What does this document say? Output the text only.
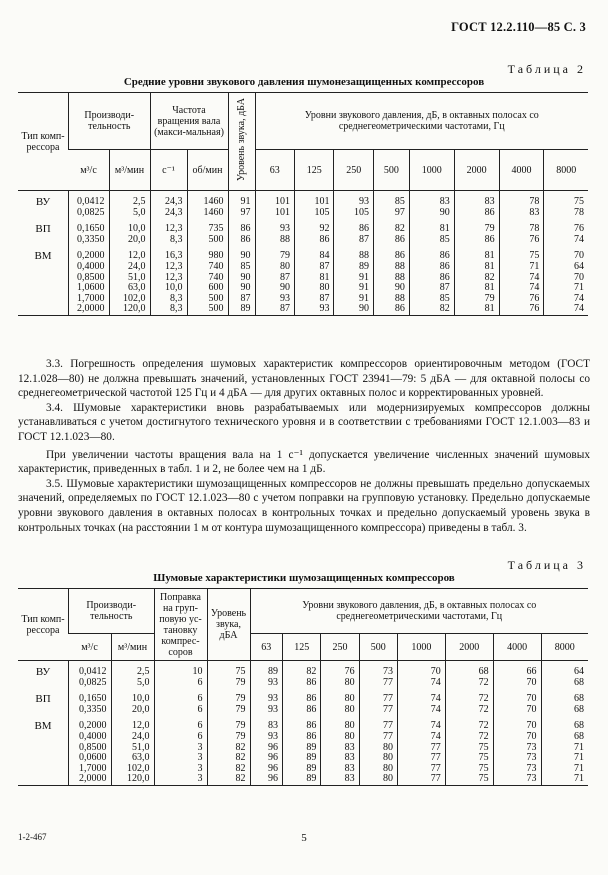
ГОСТ 12.2.110—85 С. 3
Таблица 2
Средние уровни звукового давления шумонезащищенных компрессоров
Тип комп-рессора	Производи-тельность		Частота вращения вала (макси-мальная)		Уровень звука, дБА	Уровни звукового давления, дБ, в октавных полосах со среднегеометрическими частотами, Гц							
	м³/с	м³/мин	с⁻¹	об/мин		63	125	250	500	1000	2000	4000	8000

ВУ	0,0412	2,5	24,3	1460	91	101	101	93	85	83	83	78	75
	0,0825	5,0	24,3	1460	97	101	105	105	97	90	86	83	78

ВП	0,1650	10,0	12,3	735	86	93	92	86	82	81	79	78	76
	0,3350	20,0	8,3	500	86	88	86	87	86	85	86	76	74

ВМ	0,2000	12,0	16,3	980	90	79	84	88	86	86	81	75	70
	0,4000	24,0	12,3	740	85	80	87	89	88	86	81	71	64
	0,8500	51,0	12,3	740	90	87	81	91	88	86	82	74	70
	1,0600	63,0	10,0	600	90	90	80	91	90	87	81	74	71
	1,7000	102,0	8,3	500	87	93	87	91	88	85	79	76	74
	2,0000	120,0	8,3	500	89	87	93	90	86	82	81	76	74

3.3. Погрешность определения шумовых характеристик компрессоров ориентировочным методом (ГОСТ 12.1.028—80) не должна превышать значений, установленных ГОСТ 23941—79: 5 дБА — для октавной полосы со среднегеометрической частотой 125 Гц и 4 дБА — для других октавных полос и корректированных уровней.

3.4. Шумовые характеристики вновь разрабатываемых или модернизируемых компрессоров должны устанавливаться с учетом достигнутого технического уровня и в соответствии с требованиями ГОСТ 12.1.003—83 и ГОСТ 12.1.023—80.

При увеличении частоты вращения вала на 1 с⁻¹ допускается увеличение численных значений шумовых характеристик, приведенных в табл. 1 и 2, не более чем на 1 дБ.

3.5. Шумовые характеристики шумозащищенных компрессоров не должны превышать предельно допускаемых значений, определяемых по ГОСТ 12.1.023—80 с учетом поправки на групповую установку. Предельно допускаемые уровни звукового давления в октавных полосах в контрольных точках и предельно допускаемый уровень звука в контрольных точках (на расстоянии 1 м от контура шумозащищенного компрессора) приведены в табл. 3.

Таблица 3
Шумовые характеристики шумозащищенных компрессоров
Тип комп-рессора	Производи-тельность		Поправка на груп-повую ус-тановку компрес-соров	Уровень звука, дБА	Уровни звукового давления, дБ, в октавных полосах со среднегеометрическими частотами, Гц							
	м³/с	м³/мин			63	125	250	500	1000	2000	4000	8000

ВУ	0,0412	2,5	10	75	89	82	76	73	70	68	66	64
	0,0825	5,0	6	79	93	86	80	77	74	72	70	68

ВП	0,1650	10,0	6	79	93	86	80	77	74	72	70	68
	0,3350	20,0	6	79	93	86	80	77	74	72	70	68

ВМ	0,2000	12,0	6	79	83	86	80	77	74	72	70	68
	0,4000	24,0	6	79	93	86	80	77	74	72	70	68
	0,8500	51,0	3	82	96	89	83	80	77	75	73	71
	0,0600	63,0	3	82	96	89	83	80	77	75	73	71
	1,7000	102,0	3	82	96	89	83	80	77	75	73	71
	2,0000	120,0	3	82	96	89	83	80	77	75	73	71
1-2-467	5
